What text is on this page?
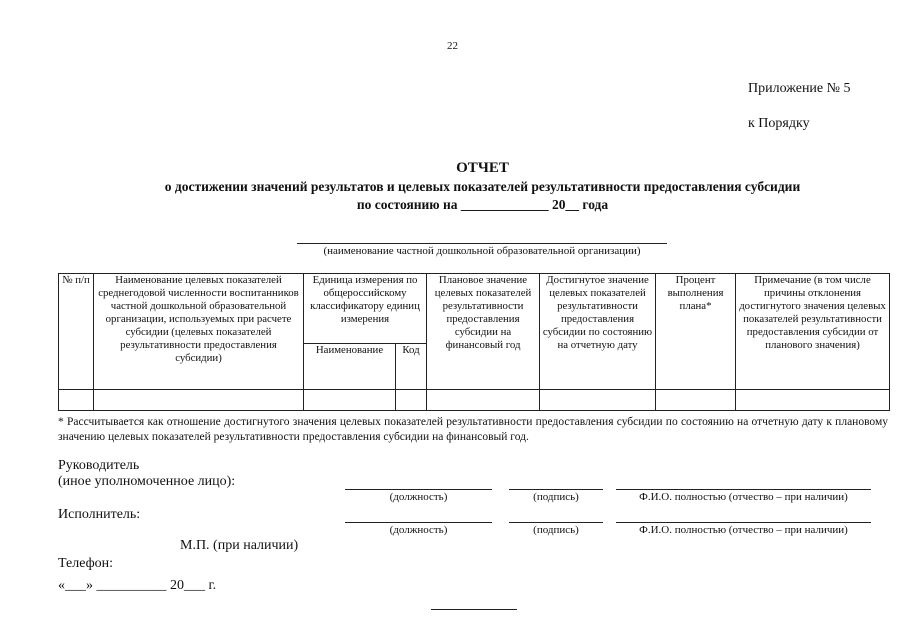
22
Приложение № 5
к Порядку
ОТЧЕТ
о достижении значений результатов и целевых показателей результативности предоставления субсидии
по состоянию на _____________ 20__ года
(наименование частной дошкольной образовательной организации)
№ п/п	Наименование целевых показателей среднегодовой численности воспитанников частной дошкольной образовательной организации, используемых при расчете субсидии (целевых показателей результативности предоставления субсидии)	Единица измерения по общероссийскому классификатору единиц измерения		Плановое значение целевых показателей результативности предоставления субсидии на финансовый год	Достигнутое значение целевых показателей результативности предоставления субсидии по состоянию на отчетную дату	Процент выполнения плана*	Примечание (в том числе причины отклонения достигнутого значения целевых показателей результативности предоставления субсидии от планового значения)
		Наименование	Код				

* Рассчитывается как отношение достигнутого значения целевых показателей результативности предоставления субсидии по состоянию на отчетную дату к плановому значению целевых показателей результативности предоставления субсидии на финансовый год.
Руководитель
(иное уполномоченное лицо):
(должность)	(подпись)	Ф.И.О. полностью (отчество – при наличии)
Исполнитель:
(должность)	(подпись)	Ф.И.О. полностью (отчество – при наличии)
М.П. (при наличии)
Телефон:
«___» __________ 20___ г.
